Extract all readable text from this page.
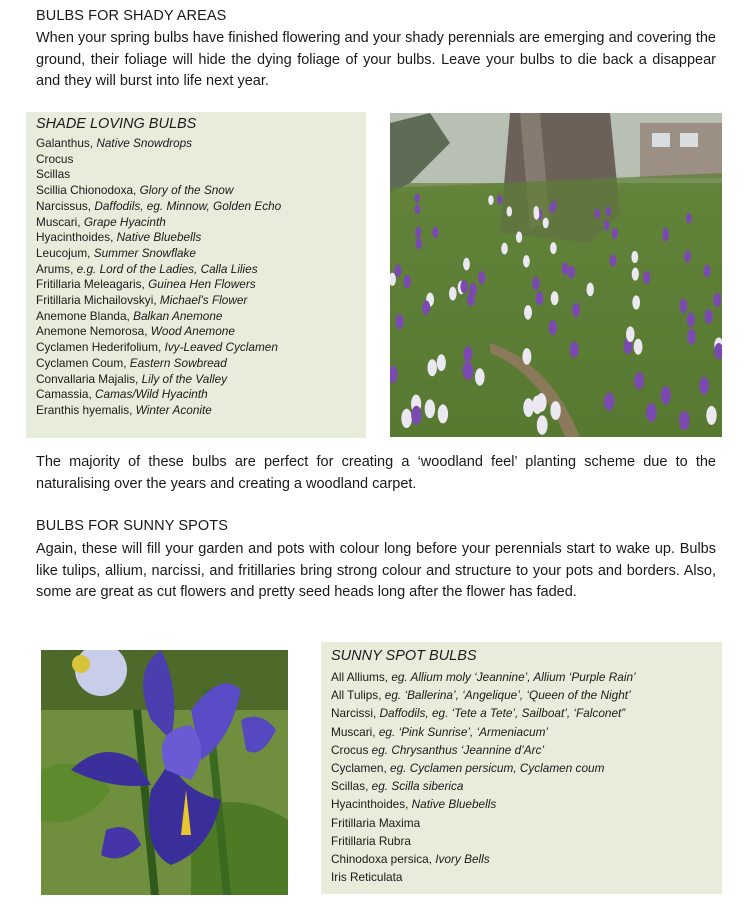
BULBS FOR SHADY AREAS
When your spring bulbs have finished flowering and your shady perennials are emerging and covering the ground, their foliage will hide the dying foliage of your bulbs. Leave your bulbs to die back a disappear and they will burst into life next year.
SHADE LOVING BULBS
Galanthus, Native Snowdrops
Crocus
Scillas
Scillia Chionodoxa, Glory of the Snow
Narcissus, Daffodils, eg. Minnow, Golden Echo
Muscari, Grape Hyacinth
Hyacinthoides, Native Bluebells
Leucojum, Summer Snowflake
Arums, e.g. Lord of the Ladies, Calla Lilies
Fritillaria Meleagaris, Guinea Hen Flowers
Fritillaria Michailovskyi, Michael's Flower
Anemone Blanda, Balkan Anemone
Anemone Nemorosa, Wood Anemone
Cyclamen Hederifolium, Ivy-Leaved Cyclamen
Cyclamen Coum, Eastern Sowbread
Convallaria Majalis, Lily of the Valley
Camassia, Camas/Wild Hyacinth
Eranthis hyemalis, Winter Aconite
The majority of these bulbs are perfect for creating a ‘woodland feel’ planting scheme due to the naturalising over the years and creating a woodland carpet.
BULBS FOR SUNNY SPOTS
Again, these will fill your garden and pots with colour long before your perennials start to wake up. Bulbs like tulips, allium, narcissi, and fritillaries bring strong colour and structure to your pots and borders. Also, some are great as cut flowers and pretty seed heads long after the flower has faded.
SUNNY SPOT BULBS
All Alliums, eg. Allium moly ‘Jeannine’, Allium ‘Purple Rain’
All Tulips, eg. ‘Ballerina’, ‘Angelique’, ‘Queen of the Night’
Narcissi, Daffodils, eg. ‘Tete a Tete’, Sailboat’, ‘Falconet”
Muscari, eg. ‘Pink Sunrise’, ‘Armeniacum’
Crocus eg. Chrysanthus ‘Jeannine d’Arc’
Cyclamen, eg. Cyclamen persicum, Cyclamen coum
Scillas, eg. Scilla siberica
Hyacinthoides, Native Bluebells
Fritillaria Maxima
Fritillaria Rubra
Chinodoxa persica, Ivory Bells
Iris Reticulata
